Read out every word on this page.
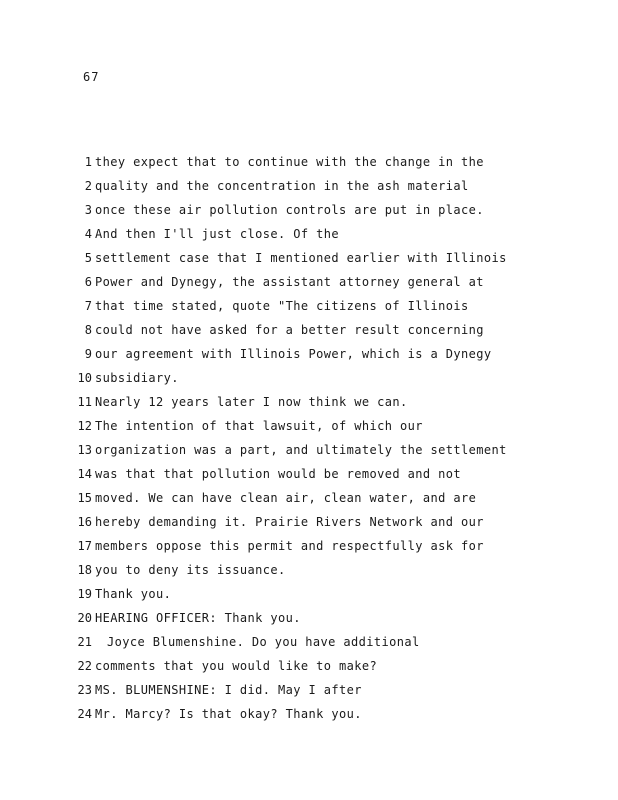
67
1 they expect that to continue with the change in the
2 quality and the concentration in the ash material
3 once these air pollution controls are put in place.
4 And then I'll just close. Of the
5 settlement case that I mentioned earlier with Illinois
6 Power and Dynegy, the assistant attorney general at
7 that time stated, quote "The citizens of Illinois
8 could not have asked for a better result concerning
9 our agreement with Illinois Power, which is a Dynegy
10 subsidiary.
11 Nearly 12 years later I now think we can.
12 The intention of that lawsuit, of which our
13 organization was a part, and ultimately the settlement
14 was that that pollution would be removed and not
15 moved. We can have clean air, clean water, and are
16 hereby demanding it. Prairie Rivers Network and our
17 members oppose this permit and respectfully ask for
18 you to deny its issuance.
19 Thank you.
20 HEARING OFFICER: Thank you.
21 Joyce Blumenshine. Do you have additional
22 comments that you would like to make?
23 MS. BLUMENSHINE: I did. May I after
24 Mr. Marcy? Is that okay? Thank you.
